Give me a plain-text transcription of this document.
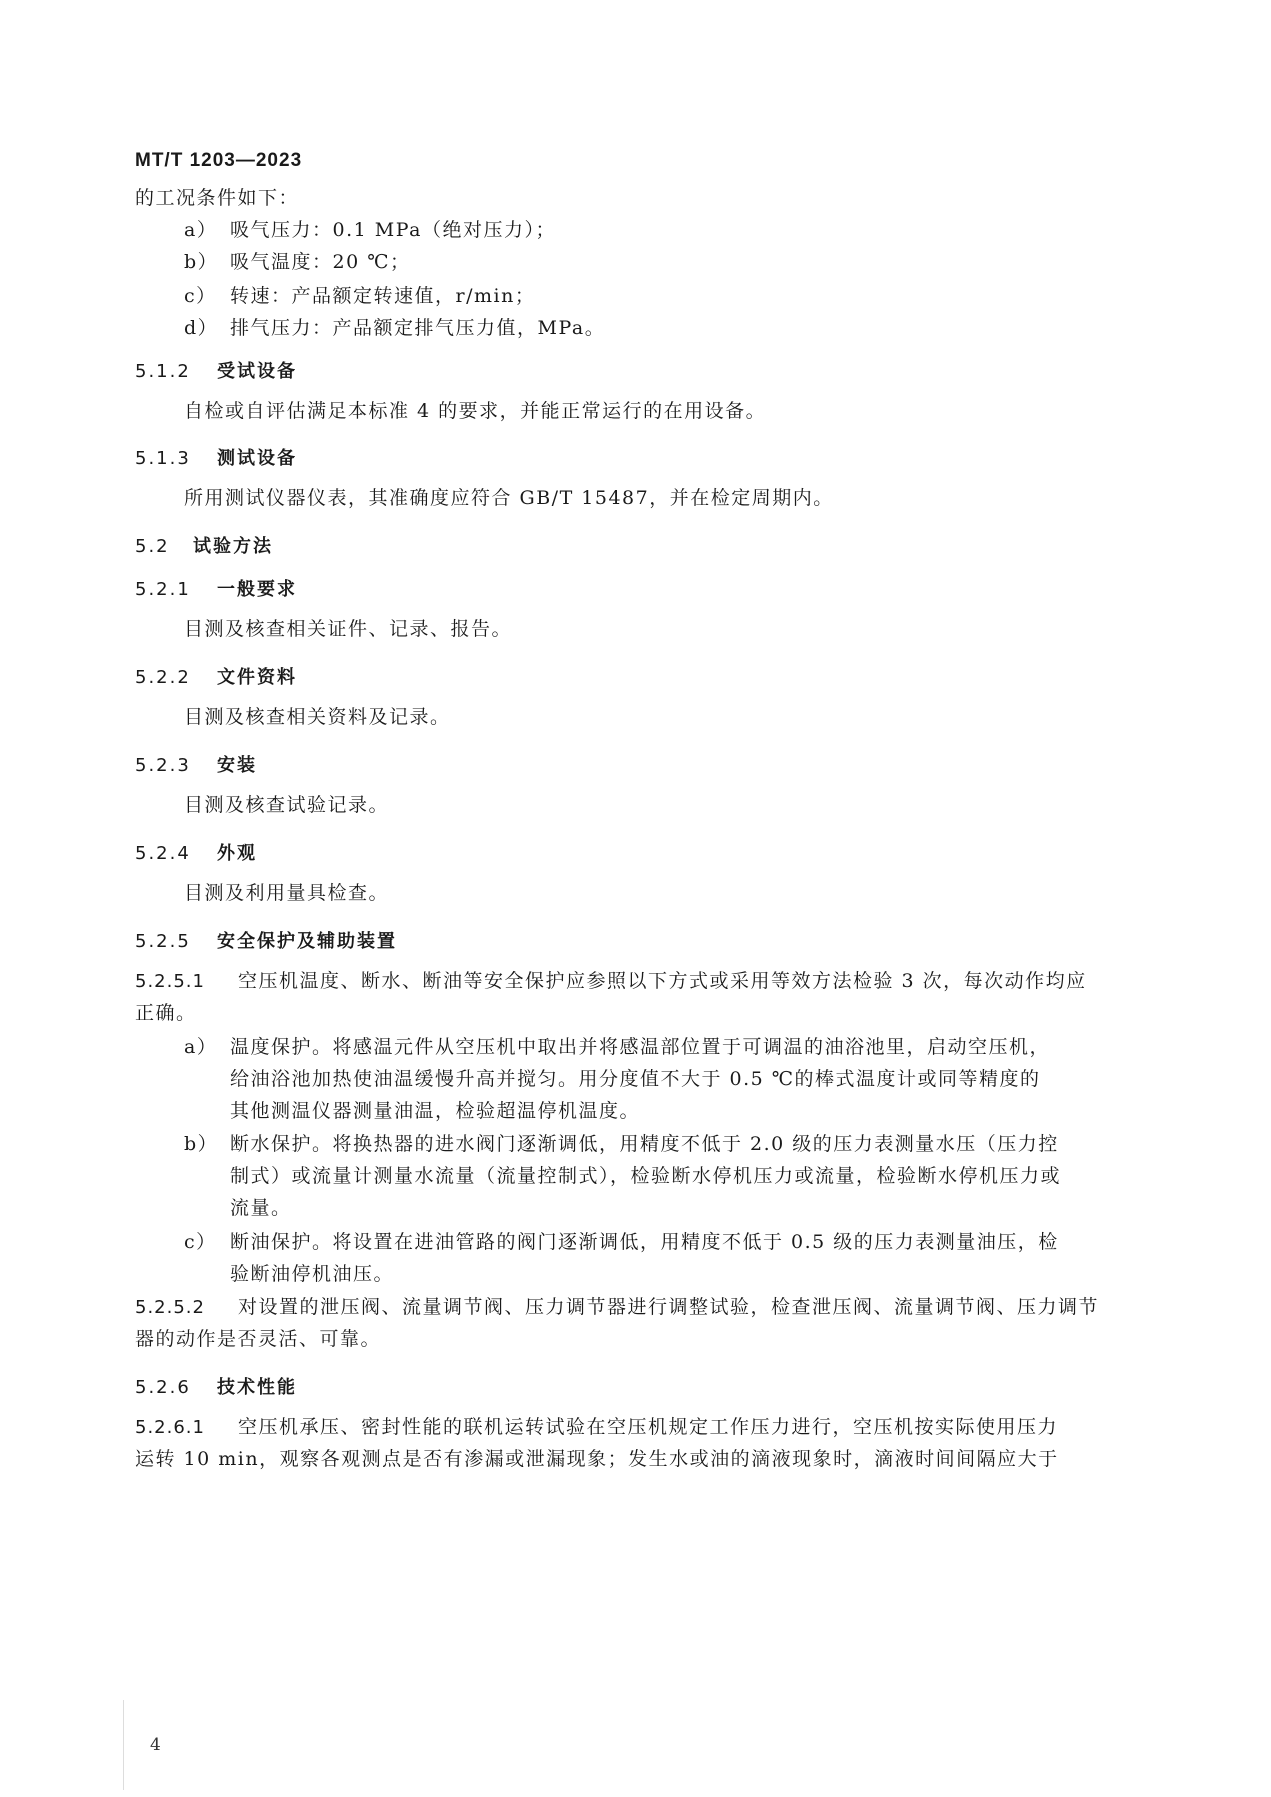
MT/T 1203—2023
的工况条件如下：
a） 吸气压力：0.1 MPa（绝对压力）；
b） 吸气温度：20 ℃；
c） 转速：产品额定转速值，r/min；
d） 排气压力：产品额定排气压力值，MPa。
5.1.2 受试设备
自检或自评估满足本标准 4 的要求，并能正常运行的在用设备。
5.1.3 测试设备
所用测试仪器仪表，其准确度应符合 GB/T 15487，并在检定周期内。
5.2 试验方法
5.2.1 一般要求
目测及核查相关证件、记录、报告。
5.2.2 文件资料
目测及核查相关资料及记录。
5.2.3 安装
目测及核查试验记录。
5.2.4 外观
目测及利用量具检查。
5.2.5 安全保护及辅助装置
5.2.5.1 空压机温度、断水、断油等安全保护应参照以下方式或采用等效方法检验 3 次，每次动作均应
正确。
a） 温度保护。将感温元件从空压机中取出并将感温部位置于可调温的油浴池里，启动空压机，
给油浴池加热使油温缓慢升高并搅匀。用分度值不大于 0.5 ℃的棒式温度计或同等精度的
其他测温仪器测量油温，检验超温停机温度。
b） 断水保护。将换热器的进水阀门逐渐调低，用精度不低于 2.0 级的压力表测量水压（压力控
制式）或流量计测量水流量（流量控制式），检验断水停机压力或流量，检验断水停机压力或
流量。
c） 断油保护。将设置在进油管路的阀门逐渐调低，用精度不低于 0.5 级的压力表测量油压，检
验断油停机油压。
5.2.5.2 对设置的泄压阀、流量调节阀、压力调节器进行调整试验，检查泄压阀、流量调节阀、压力调节
器的动作是否灵活、可靠。
5.2.6 技术性能
5.2.6.1 空压机承压、密封性能的联机运转试验在空压机规定工作压力进行，空压机按实际使用压力
运转 10 min，观察各观测点是否有渗漏或泄漏现象；发生水或油的滴液现象时，滴液时间间隔应大于
4
